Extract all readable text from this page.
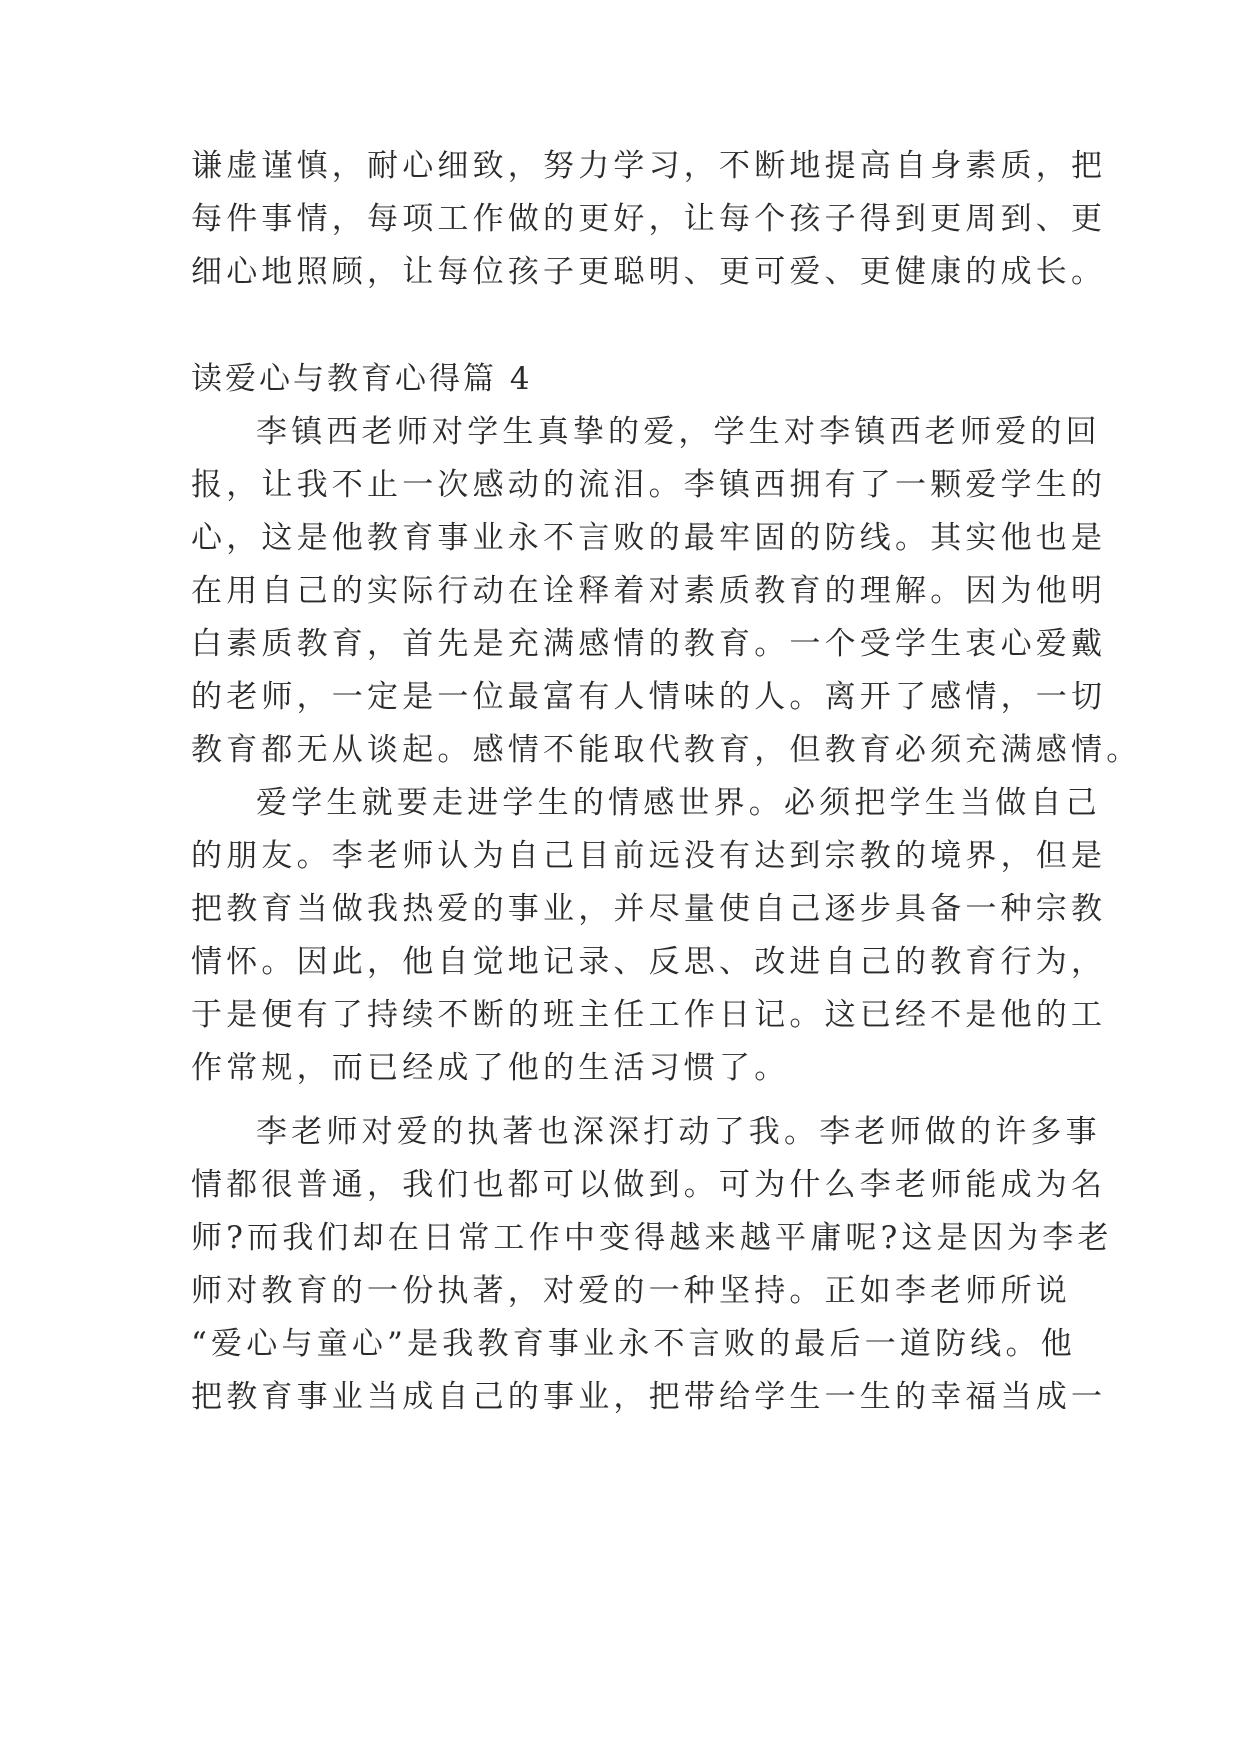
谦虚谨慎，耐心细致，努力学习，不断地提高自身素质，把
每件事情，每项工作做的更好，让每个孩子得到更周到、更
细心地照顾，让每位孩子更聪明、更可爱、更健康的成长。
读爱心与教育心得篇 4
李镇西老师对学生真挚的爱，学生对李镇西老师爱的回
报，让我不止一次感动的流泪。李镇西拥有了一颗爱学生的
心，这是他教育事业永不言败的最牢固的防线。其实他也是
在用自己的实际行动在诠释着对素质教育的理解。因为他明
白素质教育，首先是充满感情的教育。一个受学生衷心爱戴
的老师，一定是一位最富有人情味的人。离开了感情，一切
教育都无从谈起。感情不能取代教育，但教育必须充满感情。
爱学生就要走进学生的情感世界。必须把学生当做自己
的朋友。李老师认为自己目前远没有达到宗教的境界，但是
把教育当做我热爱的事业，并尽量使自己逐步具备一种宗教
情怀。因此，他自觉地记录、反思、改进自己的教育行为，
于是便有了持续不断的班主任工作日记。这已经不是他的工
作常规，而已经成了他的生活习惯了。
李老师对爱的执著也深深打动了我。李老师做的许多事
情都很普通，我们也都可以做到。可为什么李老师能成为名
师?而我们却在日常工作中变得越来越平庸呢?这是因为李老
师对教育的一份执著，对爱的一种坚持。正如李老师所说
“爱心与童心”是我教育事业永不言败的最后一道防线。他
把教育事业当成自己的事业，把带给学生一生的幸福当成一
